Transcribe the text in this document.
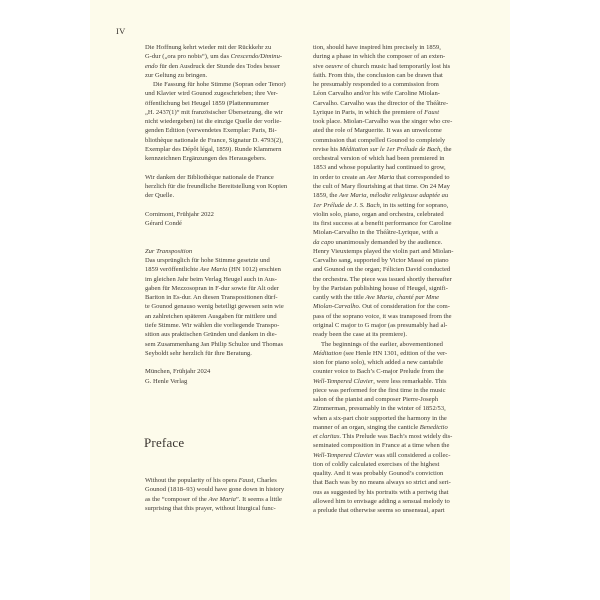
IV
Die Hoffnung kehrt wieder mit der Rückkehr zu
G-dur („ora pro nobis“), um das Crescendo/Diminu-
endo für den Ausdruck der Stunde des Todes besser
zur Geltung zu bringen.
Die Fassung für hohe Stimme (Sopran oder Tenor)
und Klavier wird Gounod zugeschrieben; ihre Ver-
öffentlichung bei Heugel 1859 (Plattennummer
„H. 2437(1)“ mit französischer Übersetzung, die wir
nicht wiedergeben) ist die einzige Quelle der vorlie-
genden Edition (verwendetes Exemplar: Paris, Bi-
bliothèque nationale de France, Signatur D. 4793(2),
Exemplar des Dépôt légal, 1859). Runde Klammern
kennzeichnen Ergänzungen des Herausgebers.
Wir danken der Bibliothèque nationale de France
herzlich für die freundliche Bereitstellung von Kopien
der Quelle.
Cornimont, Frühjahr 2022
Gérard Condé
Zur Transposition
Das ursprünglich für hohe Stimme gesetzte und
1859 veröffentlichte Ave Maria (HN 1012) erschien
im gleichen Jahr beim Verlag Heugel auch in Aus-
gaben für Mezzosopran in F-dur sowie für Alt oder
Bariton in Es-dur. An diesen Transpositionen dürf-
te Gounod genauso wenig beteiligt gewesen sein wie
an zahlreichen späteren Ausgaben für mittlere und
tiefe Stimme. Wir wählen die vorliegende Transpo-
sition aus praktischen Gründen und danken in die-
sem Zusammenhang Jan Philip Schulze und Thomas
Seyboldt sehr herzlich für ihre Beratung.
München, Frühjahr 2024
G. Henle Verlag
Preface
Without the popularity of his opera Faust, Charles
Gounod (1818–93) would have gone down in history
as the “composer of the Ave Maria”. It seems a little
surprising that this prayer, without liturgical func-
tion, should have inspired him precisely in 1859,
during a phase in which the composer of an exten-
sive oeuvre of church music had temporarily lost his
faith. From this, the conclusion can be drawn that
he presumably responded to a commission from
Léon Carvalho and/or his wife Caroline Miolan-
Carvalho. Carvalho was the director of the Théâtre-
Lyrique in Paris, in which the premiere of Faust
took place. Miolan-Carvalho was the singer who cre-
ated the role of Marguerite. It was an unwelcome
commission that compelled Gounod to completely
revise his Méditation sur le 1er Prélude de Bach, the
orchestral version of which had been premiered in
1853 and whose popularity had continued to grow,
in order to create an Ave Maria that corresponded to
the cult of Mary flourishing at that time. On 24 May
1859, the Ave Maria, mélodie religieuse adaptée au
1er Prélude de J. S. Bach, in its setting for soprano,
violin solo, piano, organ and orchestra, celebrated
its first success at a benefit performance for Caroline
Miolan-Carvalho in the Théâtre-Lyrique, with a
da capo unanimously demanded by the audience.
Henry Vieuxtemps played the violin part and Miolan-
Carvalho sang, supported by Victor Massé on piano
and Gounod on the organ; Félicien David conducted
the orchestra. The piece was issued shortly thereafter
by the Parisian publishing house of Heugel, signifi-
cantly with the title Ave Maria, chanté par Mme
Miolan-Carvalho. Out of consideration for the com-
pass of the soprano voice, it was transposed from the
original C major to G major (as presumably had al-
ready been the case at its premiere).
The beginnings of the earlier, abovementioned
Méditation (see Henle HN 1301, edition of the ver-
sion for piano solo), which added a new cantabile
counter voice to Bach’s C-major Prelude from the
Well-Tempered Clavier, were less remarkable. This
piece was performed for the first time in the music
salon of the pianist and composer Pierre-Joseph
Zimmerman, presumably in the winter of 1852/53,
when a six-part choir supported the harmony in the
manner of an organ, singing the canticle Benedictio
et claritas. This Prelude was Bach’s most widely dis-
seminated composition in France at a time when the
Well-Tempered Clavier was still considered a collec-
tion of coldly calculated exercises of the highest
quality. And it was probably Gounod’s conviction
that Bach was by no means always so strict and seri-
ous as suggested by his portraits with a periwig that
allowed him to envisage adding a sensual melody to
a prelude that otherwise seems so unsensual, apart
